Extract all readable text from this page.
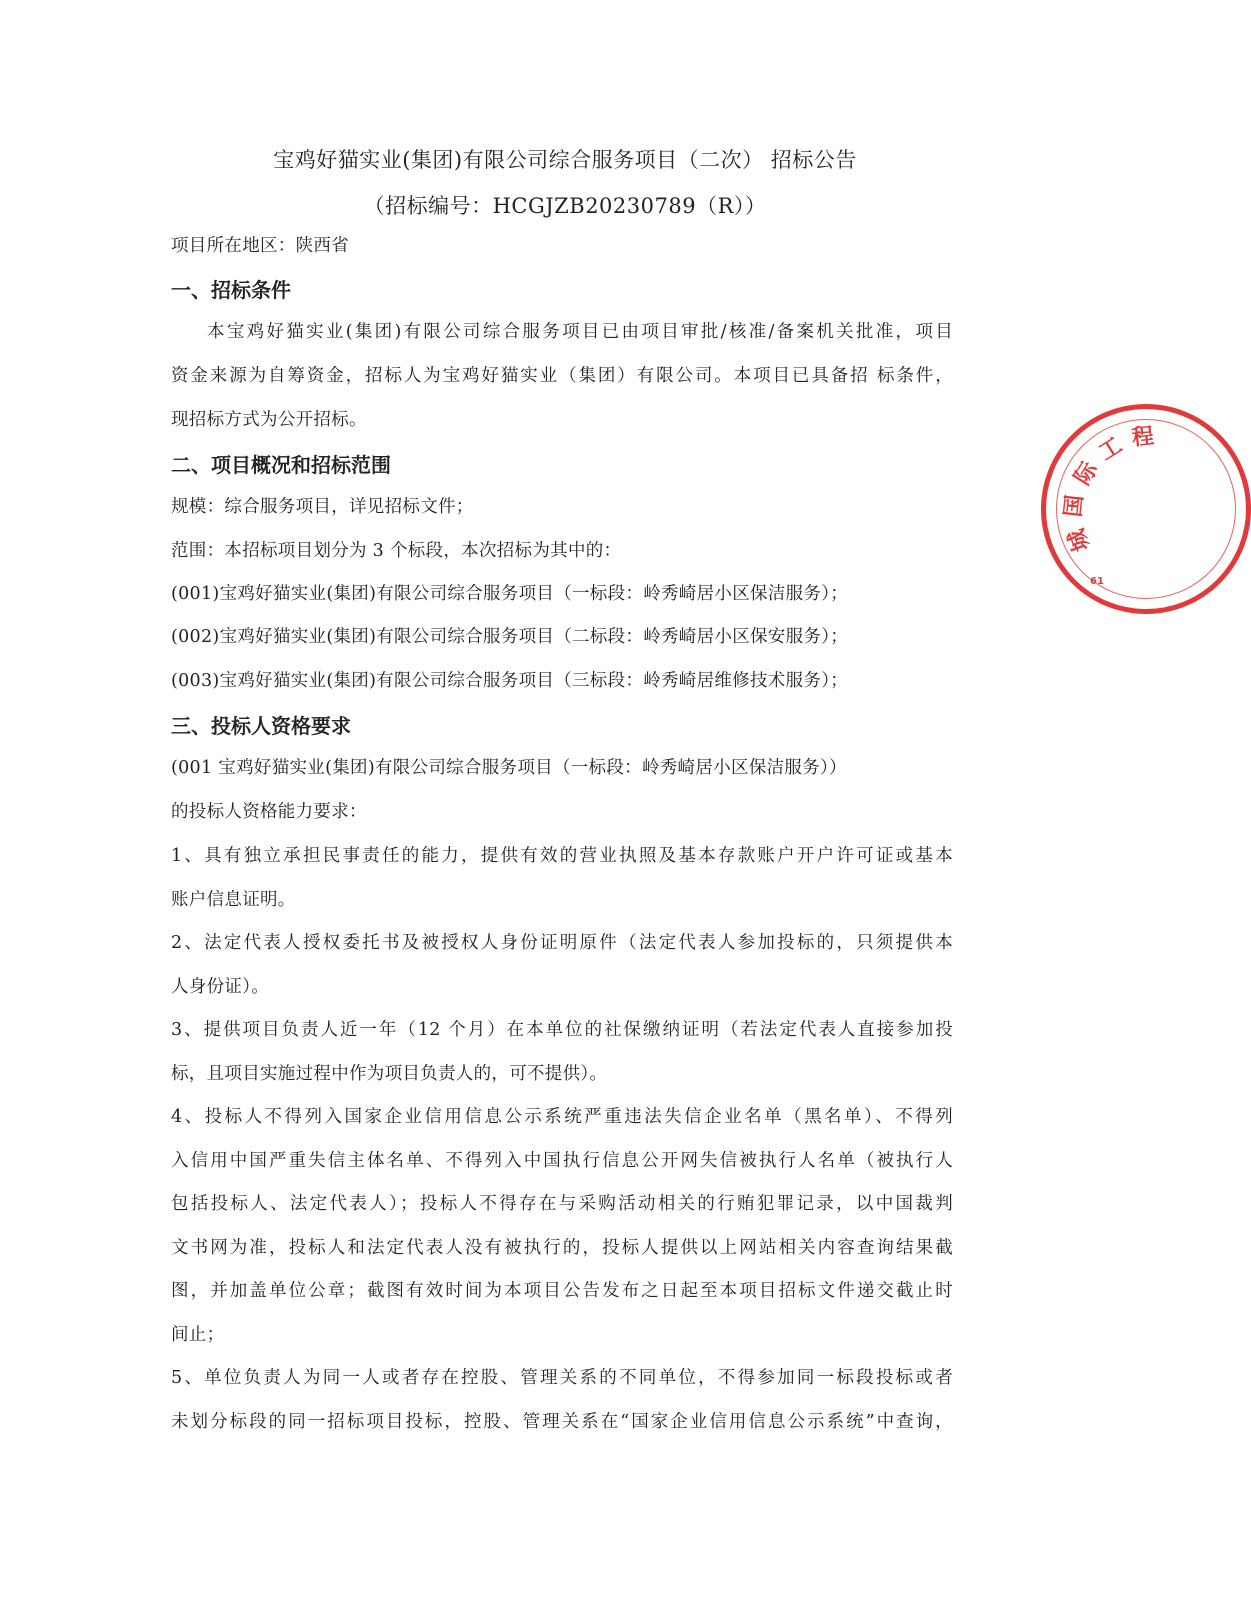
宝鸡好猫实业(集团)有限公司综合服务项目（二次） 招标公告
（招标编号：HCGJZB20230789（R））
项目所在地区：陕西省
一、招标条件
本宝鸡好猫实业(集团)有限公司综合服务项目已由项目审批/核准/备案机关批准，项目
资金来源为自筹资金，招标人为宝鸡好猫实业（集团）有限公司。本项目已具备招 标条件，
现招标方式为公开招标。
二、项目概况和招标范围
规模：综合服务项目，详见招标文件；
范围：本招标项目划分为 3 个标段，本次招标为其中的：
(001)宝鸡好猫实业(集团)有限公司综合服务项目（一标段：岭秀崎居小区保洁服务）；
(002)宝鸡好猫实业(集团)有限公司综合服务项目（二标段：岭秀崎居小区保安服务）；
(003)宝鸡好猫实业(集团)有限公司综合服务项目（三标段：岭秀崎居维修技术服务）；
三、投标人资格要求
(001 宝鸡好猫实业(集团)有限公司综合服务项目（一标段：岭秀崎居小区保洁服务））
的投标人资格能力要求：
1、具有独立承担民事责任的能力，提供有效的营业执照及基本存款账户开户许可证或基本
账户信息证明。
2、法定代表人授权委托书及被授权人身份证明原件（法定代表人参加投标的，只须提供本
人身份证）。
3、提供项目负责人近一年（12 个月）在本单位的社保缴纳证明（若法定代表人直接参加投
标，且项目实施过程中作为项目负责人的，可不提供）。
4、投标人不得列入国家企业信用信息公示系统严重违法失信企业名单（黑名单）、不得列
入信用中国严重失信主体名单、不得列入中国执行信息公开网失信被执行人名单（被执行人
包括投标人、法定代表人）；投标人不得存在与采购活动相关的行贿犯罪记录，以中国裁判
文书网为准，投标人和法定代表人没有被执行的，投标人提供以上网站相关内容查询结果截
图，并加盖单位公章；截图有效时间为本项目公告发布之日起至本项目招标文件递交截止时
间止；
5、单位负责人为同一人或者存在控股、管理关系的不同单位，不得参加同一标段投标或者
未划分标段的同一招标项目投标，控股、管理关系在“国家企业信用信息公示系统”中查询，
61
城
国
际
工 程
